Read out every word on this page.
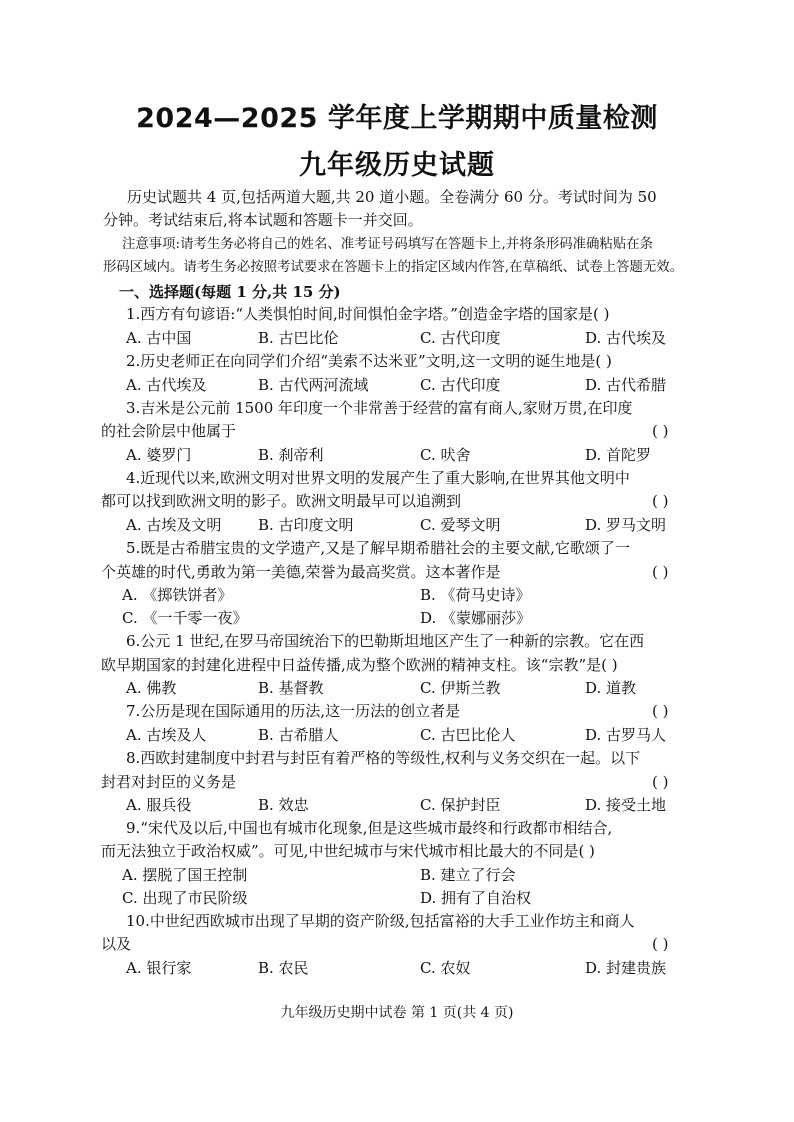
2024—2025 学年度上学期期中质量检测
九年级历史试题
历史试题共 4 页,包括两道大题,共 20 道小题。全卷满分 60 分。考试时间为 50
分钟。考试结束后,将本试题和答题卡一并交回。
注意事项:请考生务必将自己的姓名、准考证号码填写在答题卡上,并将条形码准确粘贴在条
形码区域内。请考生务必按照考试要求在答题卡上的指定区域内作答,在草稿纸、试卷上答题无效。
一、选择题(每题 1 分,共 15 分)
1.西方有句谚语:“人类惧怕时间,时间惧怕金字塔。”创造金字塔的国家是( )
A. 古中国	B. 古巴比伦	C. 古代印度	D. 古代埃及
2.历史老师正在向同学们介绍“美索不达米亚”文明,这一文明的诞生地是( )
A. 古代埃及	B. 古代两河流域	C. 古代印度	D. 古代希腊
3.吉米是公元前 1500 年印度一个非常善于经营的富有商人,家财万贯,在印度
的社会阶层中他属于	( )
A. 婆罗门	B. 刹帝利	C. 吠舍	D. 首陀罗
4.近现代以来,欧洲文明对世界文明的发展产生了重大影响,在世界其他文明中
都可以找到欧洲文明的影子。欧洲文明最早可以追溯到	( )
A. 古埃及文明 B. 古印度文明	C. 爱琴文明	D. 罗马文明
5.既是古希腊宝贵的文学遗产,又是了解早期希腊社会的主要文献,它歌颂了一
个英雄的时代,勇敢为第一美德,荣誉为最高奖赏。这本著作是	( )
A. 《掷铁饼者》	B. 《荷马史诗》
C. 《一千零一夜》	D. 《蒙娜丽莎》
6.公元 1 世纪,在罗马帝国统治下的巴勒斯坦地区产生了一种新的宗教。它在西
欧早期国家的封建化进程中日益传播,成为整个欧洲的精神支柱。该“宗教”是( )
A. 佛教	B. 基督教	C. 伊斯兰教	D. 道教
7.公历是现在国际通用的历法,这一历法的创立者是	( )
A. 古埃及人	B. 古希腊人	C. 古巴比伦人	D. 古罗马人
8.西欧封建制度中封君与封臣有着严格的等级性,权利与义务交织在一起。以下
封君对封臣的义务是	( )
A. 服兵役	B. 效忠	C. 保护封臣	D. 接受土地
9.“宋代及以后,中国也有城市化现象,但是这些城市最终和行政都市相结合,
而无法独立于政治权威”。可见,中世纪城市与宋代城市相比最大的不同是( )
A. 摆脱了国王控制	B. 建立了行会
C. 出现了市民阶级	D. 拥有了自治权
10.中世纪西欧城市出现了早期的资产阶级,包括富裕的大手工业作坊主和商人
以及	( )
A. 银行家	B. 农民	C. 农奴	D. 封建贵族
九年级历史期中试卷 第 1 页(共 4 页)
